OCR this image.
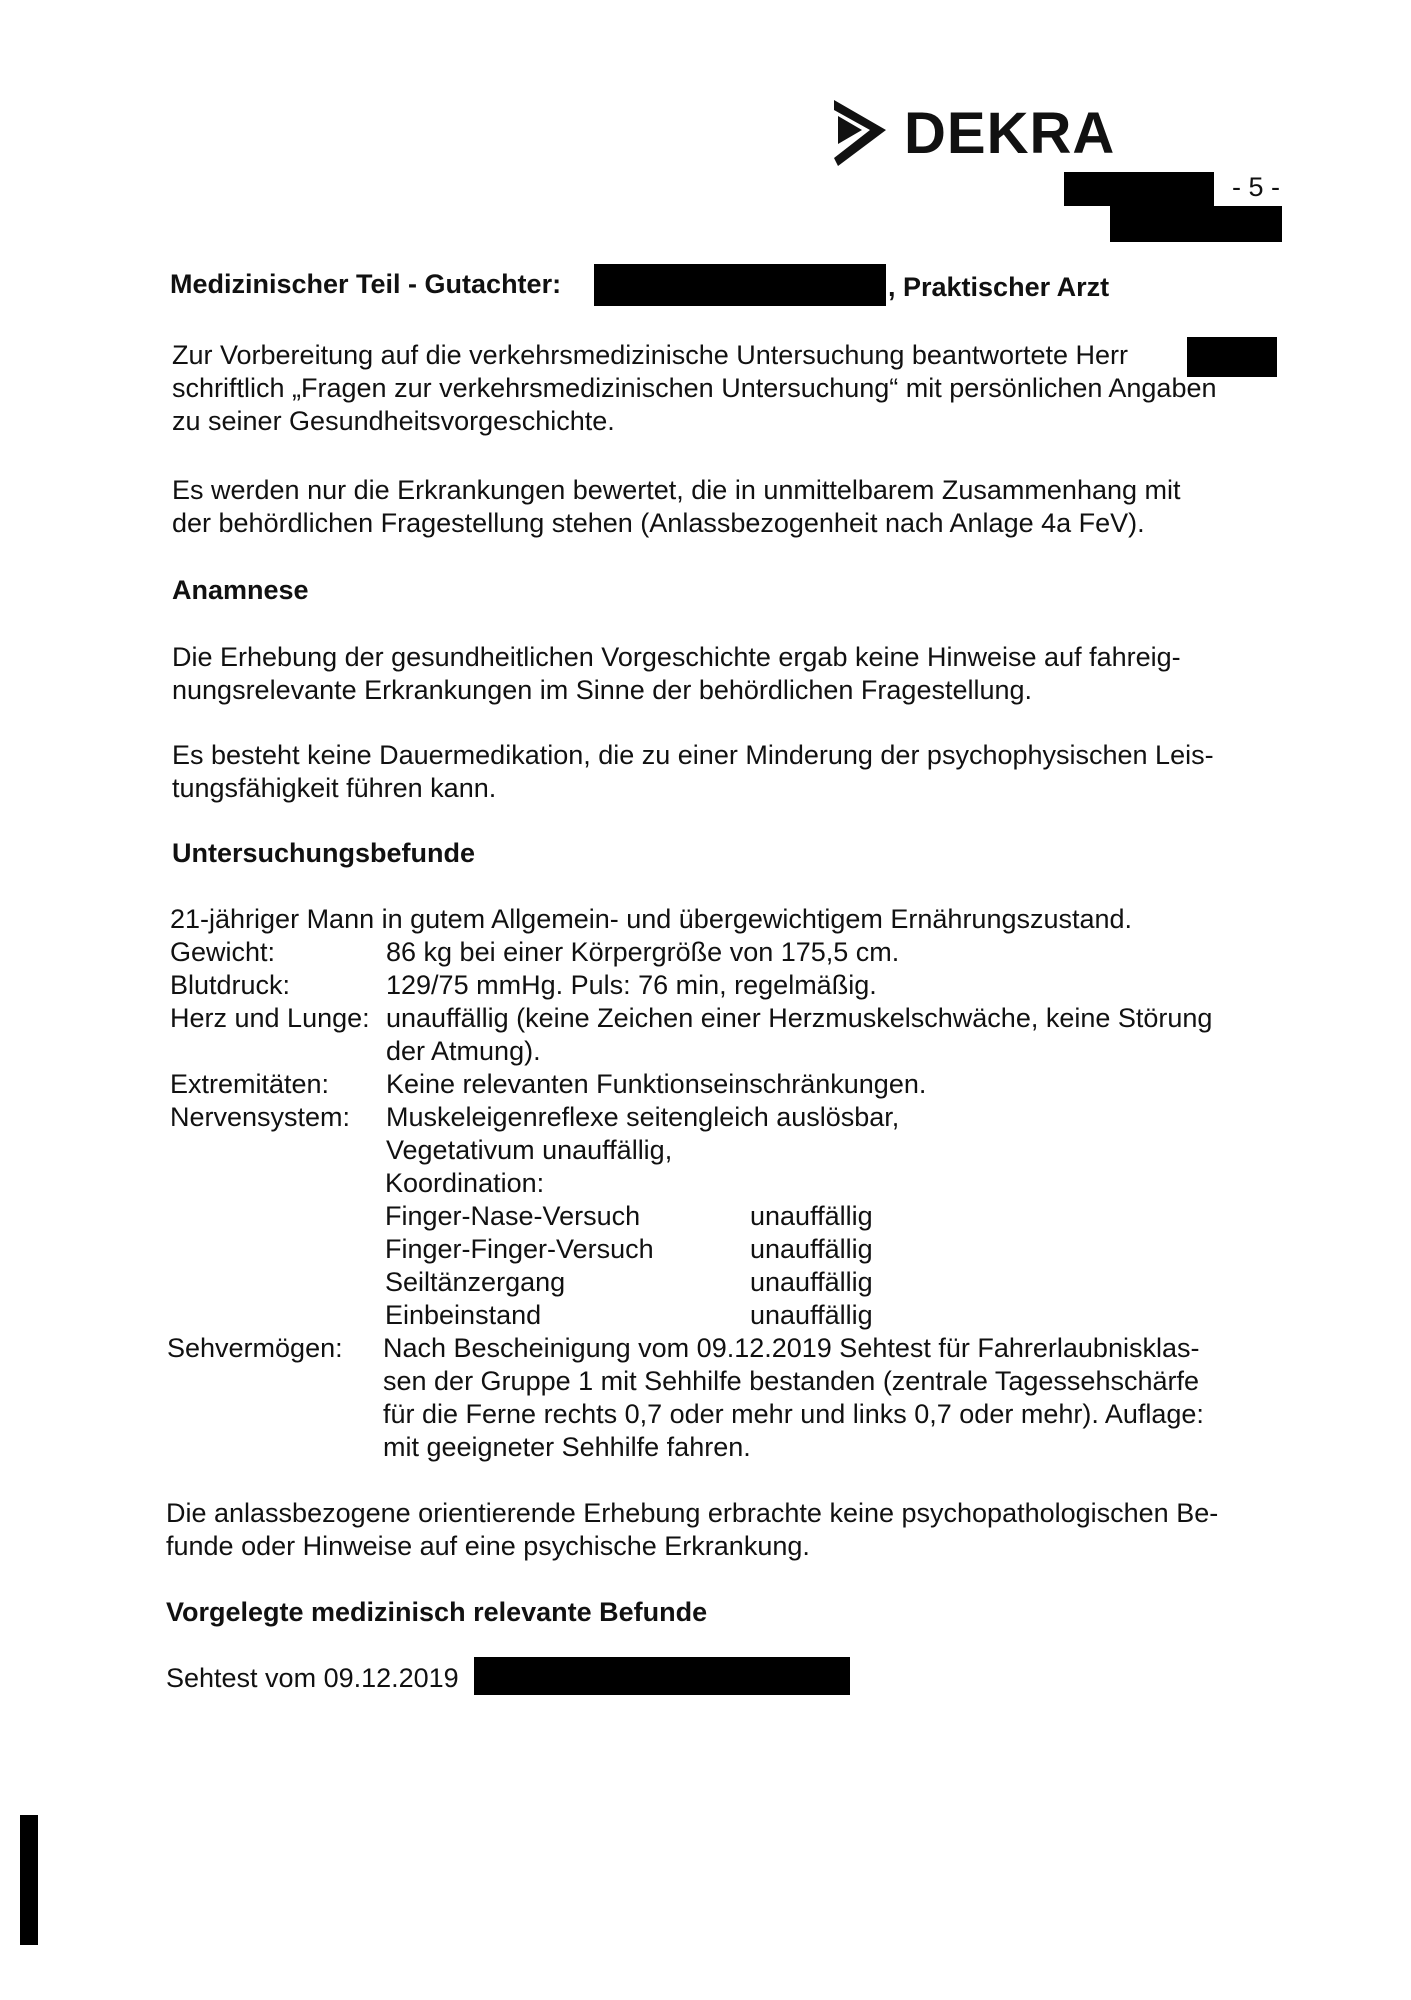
DEKRA
- 5 -
Medizinischer Teil - Gutachter:	, Praktischer Arzt

Zur Vorbereitung auf die verkehrsmedizinische Untersuchung beantwortete Herr

schriftlich „Fragen zur verkehrsmedizinischen Untersuchung“ mit persönlichen Angaben

zu seiner Gesundheitsvorgeschichte.

Es werden nur die Erkrankungen bewertet, die in unmittelbarem Zusammenhang mit

der behördlichen Fragestellung stehen (Anlassbezogenheit nach Anlage 4a FeV).

Anamnese

Die Erhebung der gesundheitlichen Vorgeschichte ergab keine Hinweise auf fahreig-

nungsrelevante Erkrankungen im Sinne der behördlichen Fragestellung.

Es besteht keine Dauermedikation, die zu einer Minderung der psychophysischen Leis-

tungsfähigkeit führen kann.

Untersuchungsbefunde

21-jähriger Mann in gutem Allgemein- und übergewichtigem Ernährungszustand.

Gewicht:	86 kg bei einer Körpergröße von 175,5 cm.
Blutdruck:	129/75 mmHg. Puls: 76 min, regelmäßig.
Herz und Lunge: unauffällig (keine Zeichen einer Herzmuskelschwäche, keine Störung
der Atmung).
Extremitäten: Keine relevanten Funktionseinschränkungen.
Nervensystem: Muskeleigenreflexe seitengleich auslösbar,
Vegetativum unauffällig,
Koordination:
Finger-Nase-Versuch	unauffällig
Finger-Finger-Versuch	unauffällig
Seiltänzergang	unauffällig
Einbeinstand	unauffällig
Sehvermögen: Nach Bescheinigung vom 09.12.2019 Sehtest für Fahrerlaubnisklas-
sen der Gruppe 1 mit Sehhilfe bestanden (zentrale Tagessehschärfe
für die Ferne rechts 0,7 oder mehr und links 0,7 oder mehr). Auflage:
mit geeigneter Sehhilfe fahren.

Die anlassbezogene orientierende Erhebung erbrachte keine psychopathologischen Be-

funde oder Hinweise auf eine psychische Erkrankung.

Vorgelegte medizinisch relevante Befunde

Sehtest vom 09.12.2019
